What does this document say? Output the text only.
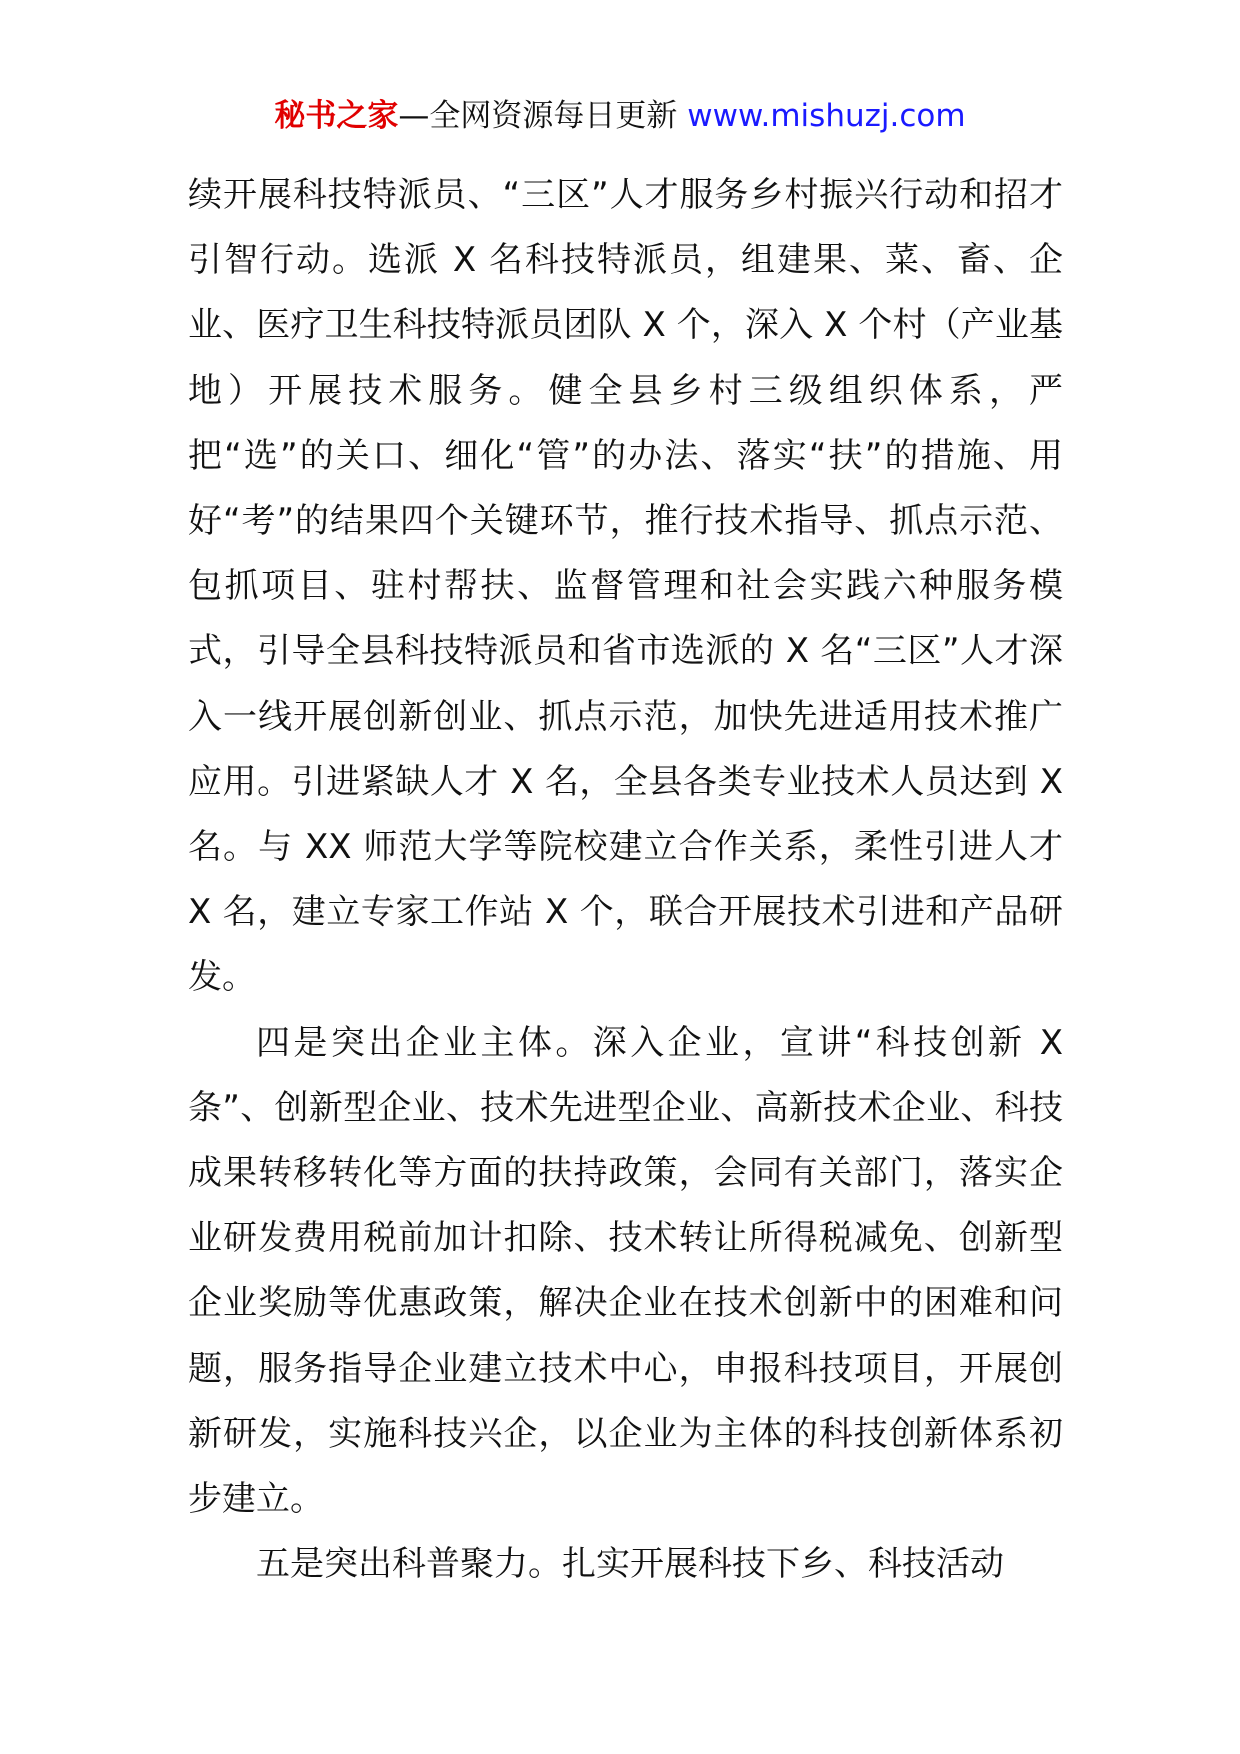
秘书之家—全网资源每日更新 www.mishuzj.com

续开展科技特派员、“三区”人才服务乡村振兴行动和招才引智行动。选派 X 名科技特派员，组建果、菜、畜、企业、医疗卫生科技特派员团队 X 个，深入 X 个村（产业基地）开展技术服务。健全县乡村三级组织体系，严把“选”的关口、细化“管”的办法、落实“扶”的措施、用好“考”的结果四个关键环节，推行技术指导、抓点示范、包抓项目、驻村帮扶、监督管理和社会实践六种服务模式，引导全县科技特派员和省市选派的 X 名“三区”人才深入一线开展创新创业、抓点示范，加快先进适用技术推广应用。引进紧缺人才 X 名，全县各类专业技术人员达到 X 名。与 XX 师范大学等院校建立合作关系，柔性引进人才 X 名，建立专家工作站 X 个，联合开展技术引进和产品研发。

四是突出企业主体。深入企业，宣讲“科技创新 X 条”、创新型企业、技术先进型企业、高新技术企业、科技成果转移转化等方面的扶持政策，会同有关部门，落实企业研发费用税前加计扣除、技术转让所得税减免、创新型企业奖励等优惠政策，解决企业在技术创新中的困难和问题，服务指导企业建立技术中心，申报科技项目，开展创新研发，实施科技兴企，以企业为主体的科技创新体系初步建立。

五是突出科普聚力。扎实开展科技下乡、科技活动
